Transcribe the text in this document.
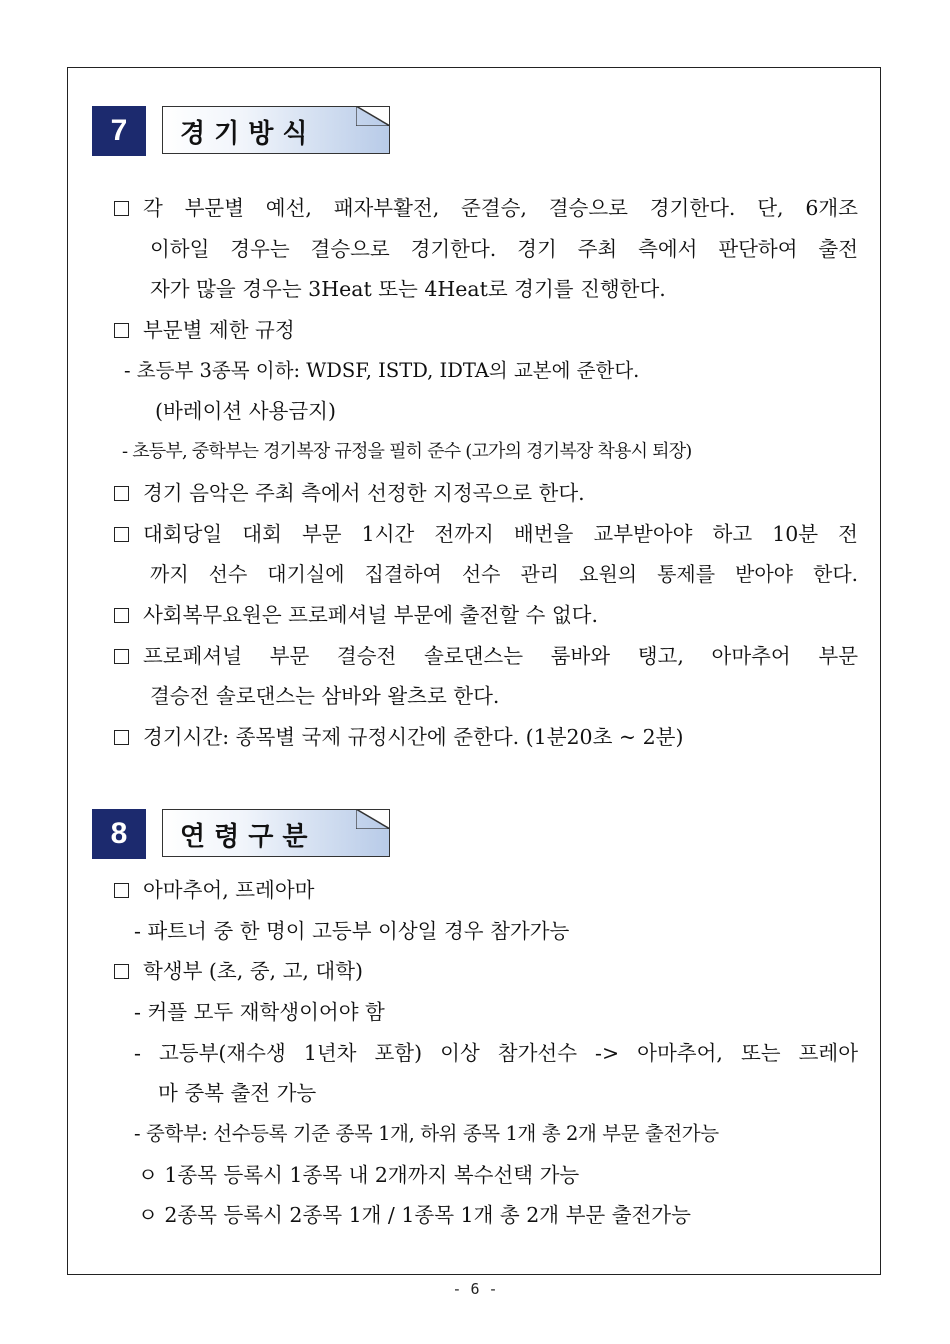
7	경기방식
각 부문별 예선, 패자부활전, 준결승, 결승으로 경기한다. 단, 6개조
이하일 경우는 결승으로 경기한다. 경기 주최 측에서 판단하여 출전
자가 많을 경우는 3Heat 또는 4Heat로 경기를 진행한다.
부문별 제한 규정
- 초등부 3종목 이하: WDSF, ISTD, IDTA의 교본에 준한다.
(바레이션 사용금지)
- 초등부, 중학부는 경기복장 규정을 필히 준수 (고가의 경기복장 착용시 퇴장)
경기 음악은 주최 측에서 선정한 지정곡으로 한다.
대회당일 대회 부문 1시간 전까지 배번을 교부받아야 하고 10분 전
까지 선수 대기실에 집결하여 선수 관리 요원의 통제를 받아야 한다.
사회복무요원은 프로페셔널 부문에 출전할 수 없다.
프로페셔널 부문 결승전 솔로댄스는 룸바와 탱고, 아마추어 부문
결승전 솔로댄스는 삼바와 왈츠로 한다.
경기시간: 종목별 국제 규정시간에 준한다. (1분20초 ~ 2분)
8	연령구분
아마추어, 프레아마
- 파트너 중 한 명이 고등부 이상일 경우 참가가능
학생부 (초, 중, 고, 대학)
- 커플 모두 재학생이어야 함
- 고등부(재수생 1년차 포함) 이상 참가선수 -> 아마추어, 또는 프레아
마 중복 출전 가능
- 중학부: 선수등록 기준 종목 1개, 하위 종목 1개 총 2개 부문 출전가능
ㅇ 1종목 등록시 1종목 내 2개까지 복수선택 가능
ㅇ 2종목 등록시 2종목 1개 / 1종목 1개 총 2개 부문 출전가능
- 6 -
